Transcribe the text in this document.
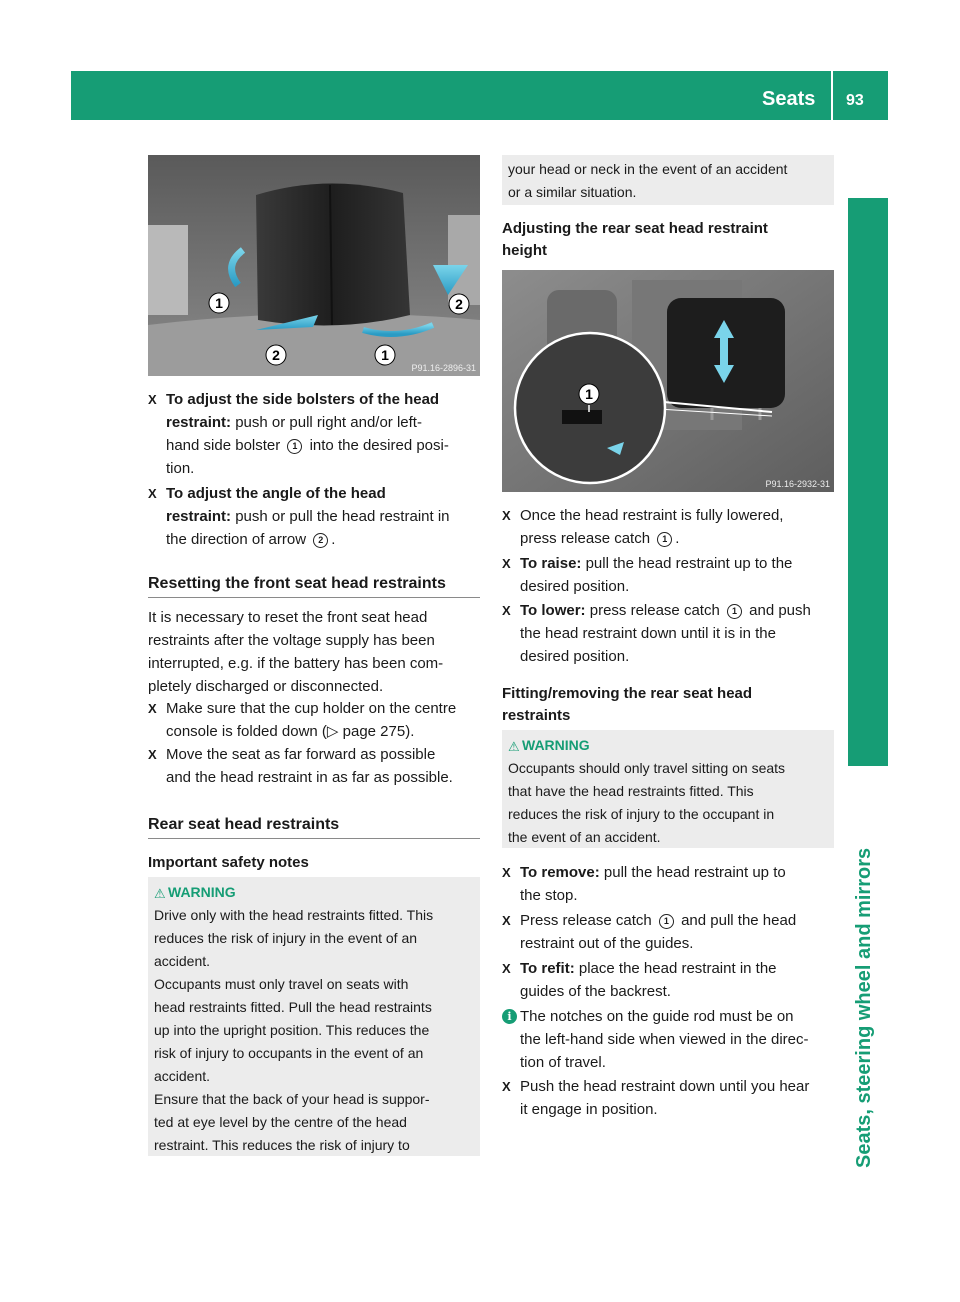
Seats 93
Seats, steering wheel and mirrors
1	2
2	1
P91.16-2896-31
X To adjust the side bolsters of the head
restraint: push or pull right and/or left-
hand side bolster 1 into the desired posi-
tion.
X To adjust the angle of the head
restraint: push or pull the head restraint in
the direction of arrow 2 .
Resetting the front seat head restraints
It is necessary to reset the front seat head
restraints after the voltage supply has been
interrupted, e.g. if the battery has been com-
pletely discharged or disconnected.
X Make sure that the cup holder on the centre
console is folded down (▷ page 275).
X Move the seat as far forward as possible
and the head restraint in as far as possible.
Rear seat head restraints
Important safety notes
⚠ WARNING
Drive only with the head restraints fitted. This
reduces the risk of injury in the event of an
accident.
Occupants must only travel on seats with
head restraints fitted. Pull the head restraints
up into the upright position. This reduces the
risk of injury to occupants in the event of an
accident.
Ensure that the back of your head is suppor-
ted at eye level by the centre of the head
restraint. This reduces the risk of injury to
your head or neck in the event of an accident
or a similar situation.
Adjusting the rear seat head restraint
height
1
P91.16-2932-31
X Once the head restraint is fully lowered,
press release catch 1 .
X To raise: pull the head restraint up to the
desired position.
X To lower: press release catch 1 and push
the head restraint down until it is in the
desired position.
Fitting/removing the rear seat head
restraints
⚠ WARNING
Occupants should only travel sitting on seats
that have the head restraints fitted. This
reduces the risk of injury to the occupant in
the event of an accident.
X To remove: pull the head restraint up to
the stop.
X Press release catch 1 and pull the head
restraint out of the guides.
X To refit: place the head restraint in the
guides of the backrest.
i The notches on the guide rod must be on
the left-hand side when viewed in the direc-
tion of travel.
X Push the head restraint down until you hear
it engage in position.
